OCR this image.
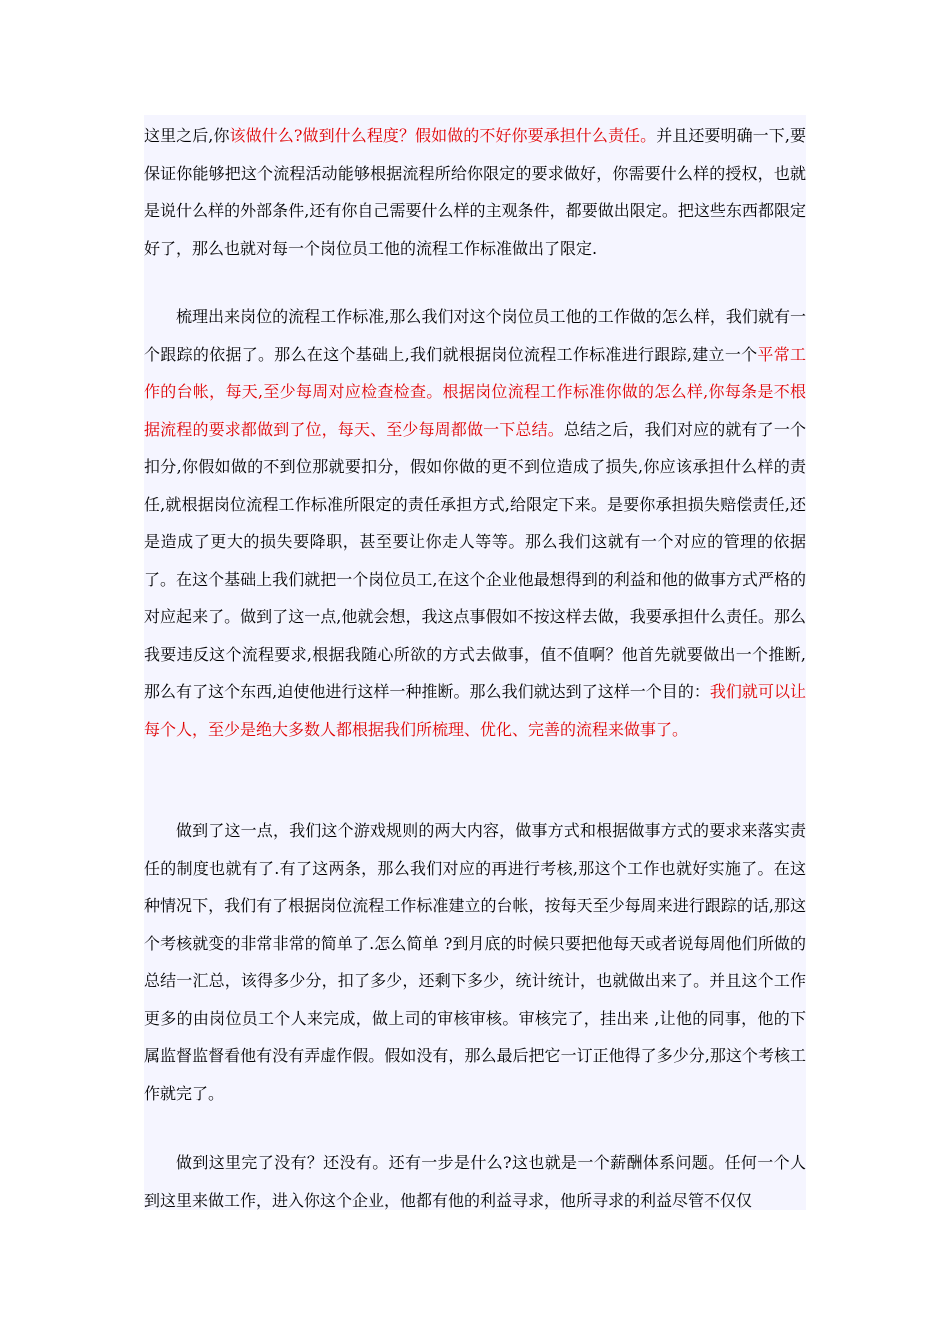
这里之后,你该做什么?做到什么程度？假如做的不好你要承担什么责任。并且还要明确一下,要保证你能够把这个流程活动能够根据流程所给你限定的要求做好，你需要什么样的授权，也就是说什么样的外部条件,还有你自己需要什么样的主观条件，都要做出限定。把这些东西都限定好了，那么也就对每一个岗位员工他的流程工作标准做出了限定.

梳理出来岗位的流程工作标准,那么我们对这个岗位员工他的工作做的怎么样，我们就有一个跟踪的依据了。那么在这个基础上,我们就根据岗位流程工作标准进行跟踪,建立一个平常工作的台帐，每天,至少每周对应检查检查。根据岗位流程工作标准你做的怎么样,你每条是不根据流程的要求都做到了位，每天、至少每周都做一下总结。总结之后，我们对应的就有了一个扣分,你假如做的不到位那就要扣分，假如你做的更不到位造成了损失,你应该承担什么样的责任,就根据岗位流程工作标准所限定的责任承担方式,给限定下来。是要你承担损失赔偿责任,还是造成了更大的损失要降职，甚至要让你走人等等。那么我们这就有一个对应的管理的依据了。在这个基础上我们就把一个岗位员工,在这个企业他最想得到的利益和他的做事方式严格的对应起来了。做到了这一点,他就会想，我这点事假如不按这样去做，我要承担什么责任。那么我要违反这个流程要求,根据我随心所欲的方式去做事，值不值啊？他首先就要做出一个推断,那么有了这个东西,迫使他进行这样一种推断。那么我们就达到了这样一个目的：我们就可以让每个人，至少是绝大多数人都根据我们所梳理、优化、完善的流程来做事了。

做到了这一点，我们这个游戏规则的两大内容，做事方式和根据做事方式的要求来落实责任的制度也就有了.有了这两条，那么我们对应的再进行考核,那这个工作也就好实施了。在这种情况下，我们有了根据岗位流程工作标准建立的台帐，按每天至少每周来进行跟踪的话,那这个考核就变的非常非常的简单了.怎么简单 ?到月底的时候只要把他每天或者说每周他们所做的总结一汇总，该得多少分，扣了多少，还剩下多少，统计统计，也就做出来了。并且这个工作更多的由岗位员工个人来完成，做上司的审核审核。审核完了，挂出来 ,让他的同事，他的下属监督监督看他有没有弄虚作假。假如没有，那么最后把它一订正他得了多少分,那这个考核工作就完了。

做到这里完了没有？还没有。还有一步是什么?这也就是一个薪酬体系问题。任何一个人到这里来做工作，进入你这个企业，他都有他的利益寻求，他所寻求的利益尽管不仅仅
